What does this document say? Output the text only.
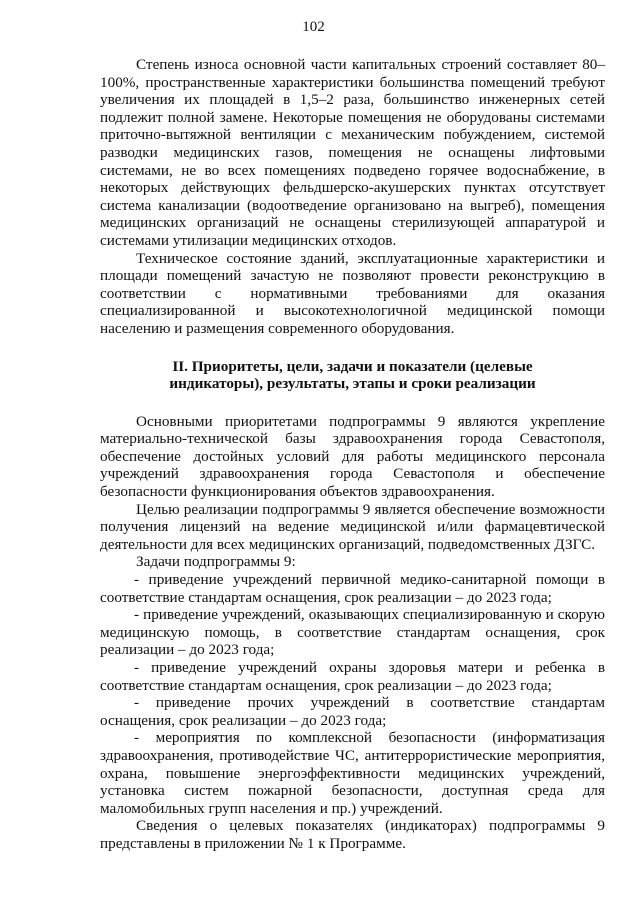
102

Степень износа основной части капитальных строений составляет 80–100%, пространственные характеристики большинства помещений требуют увеличения их площадей в 1,5–2 раза, большинство инженерных сетей подлежит полной замене. Некоторые помещения не оборудованы системами приточно-вытяжной вентиляции с механическим побуждением, системой разводки медицинских газов, помещения не оснащены лифтовыми системами, не во всех помещениях подведено горячее водоснабжение, в некоторых действующих фельдшерско-акушерских пунктах отсутствует система канализации (водоотведение организовано на выгреб), помещения медицинских организаций не оснащены стерилизующей аппаратурой и системами утилизации медицинских отходов.

Техническое состояние зданий, эксплуатационные характеристики и площади помещений зачастую не позволяют провести реконструкцию в соответствии с нормативными требованиями для оказания специализированной и высокотехнологичной медицинской помощи населению и размещения современного оборудования.

II. Приоритеты, цели, задачи и показатели (целевые
индикаторы), результаты, этапы и сроки реализации

Основными приоритетами подпрограммы 9 являются укрепление материально-технической базы здравоохранения города Севастополя, обеспечение достойных условий для работы медицинского персонала учреждений здравоохранения города Севастополя и обеспечение безопасности функционирования объектов здравоохранения.

Целью реализации подпрограммы 9 является обеспечение возможности получения лицензий на ведение медицинской и/или фармацевтической деятельности для всех медицинских организаций, подведомственных ДЗГС.

Задачи подпрограммы 9:

- приведение учреждений первичной медико-санитарной помощи в соответствие стандартам оснащения, срок реализации – до 2023 года;

- приведение учреждений, оказывающих специализированную и скорую медицинскую помощь, в соответствие стандартам оснащения, срок реализации – до 2023 года;

- приведение учреждений охраны здоровья матери и ребенка в соответствие стандартам оснащения, срок реализации – до 2023 года;

- приведение прочих учреждений в соответствие стандартам оснащения, срок реализации – до 2023 года;

- мероприятия по комплексной безопасности (информатизация здравоохранения, противодействие ЧС, антитеррористические мероприятия, охрана, повышение энергоэффективности медицинских учреждений, установка систем пожарной безопасности, доступная среда для маломобильных групп населения и пр.) учреждений.

Сведения о целевых показателях (индикаторах) подпрограммы 9 представлены в приложении № 1 к Программе.
